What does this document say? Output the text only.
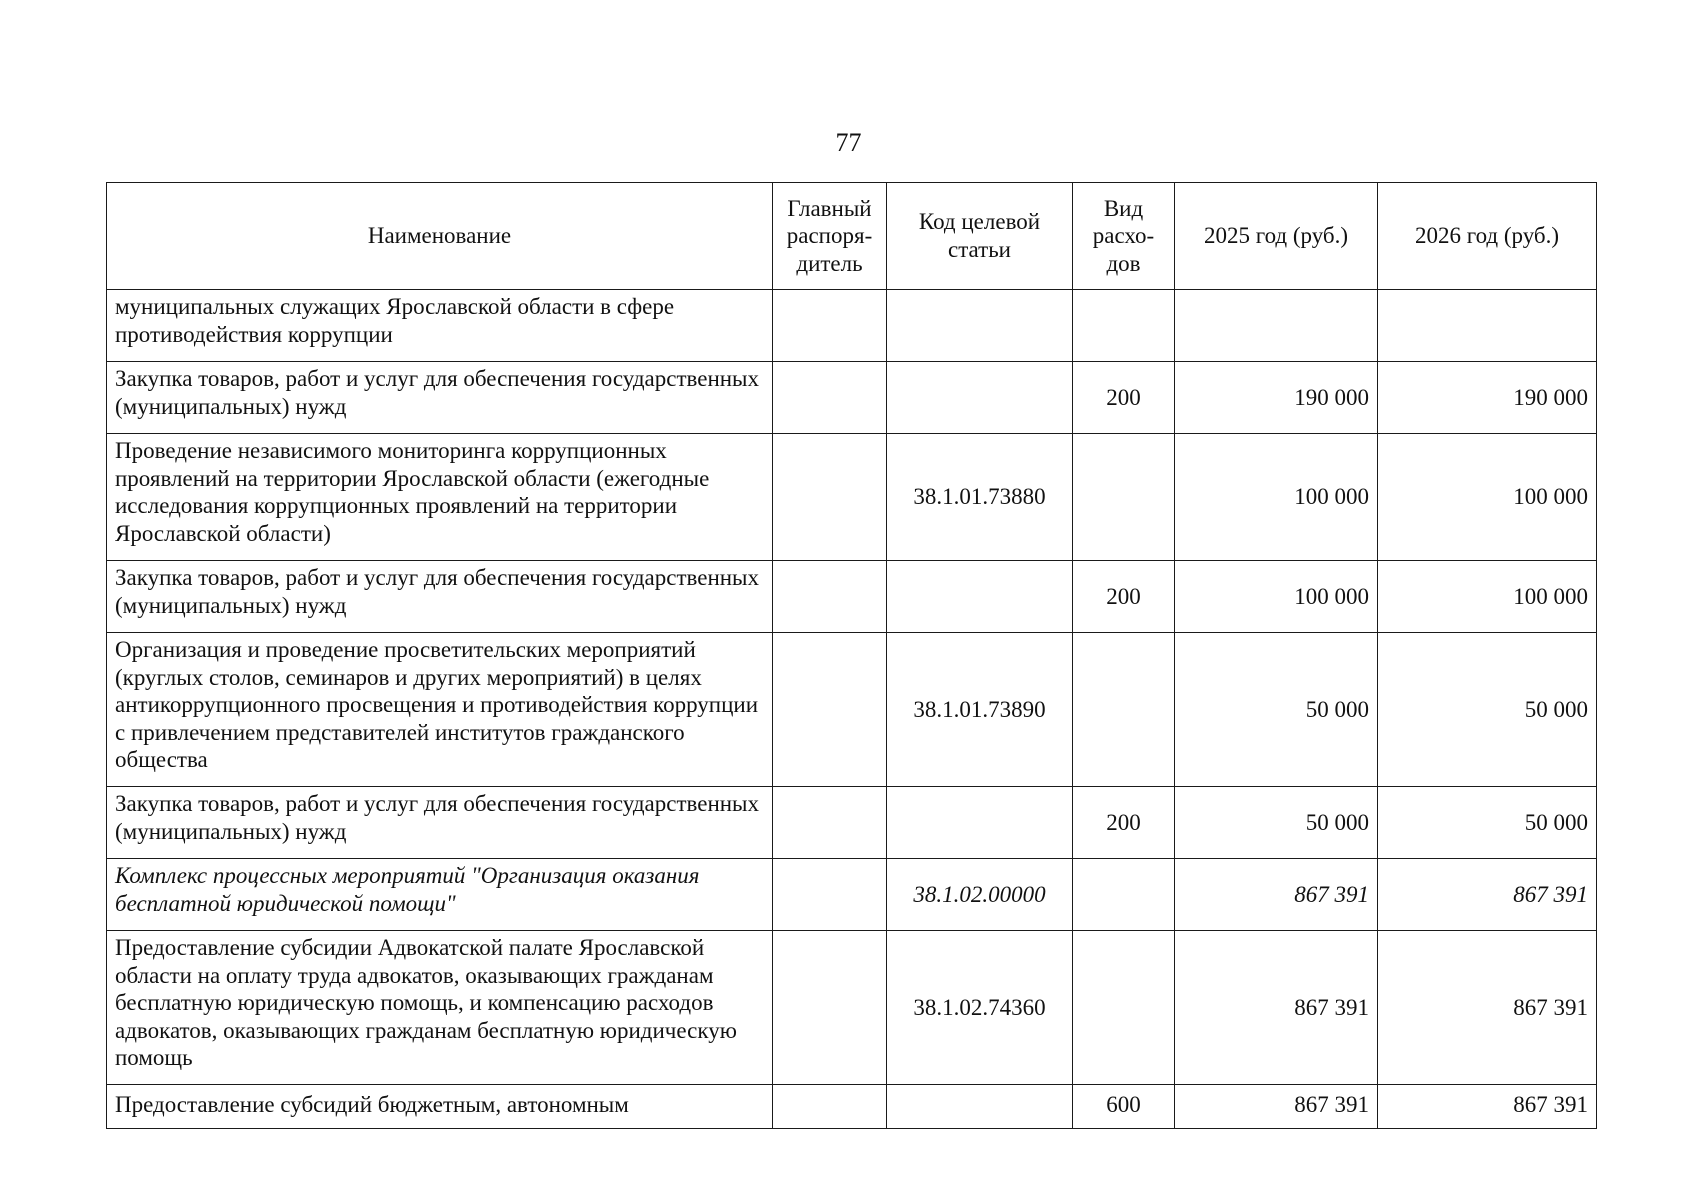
77
Наименование	Главный распоря-дитель	Код целевой статьи	Вид расхо-дов	2025 год (руб.)	2026 год (руб.)
муниципальных служащих Ярославской области в сфере противодействия коррупции					
Закупка товаров, работ и услуг для обеспечения государственных (муниципальных) нужд			200	190 000	190 000
Проведение независимого мониторинга коррупционных проявлений на территории Ярославской области (ежегодные исследования коррупционных проявлений на территории Ярославской области)		38.1.01.73880		100 000	100 000
Закупка товаров, работ и услуг для обеспечения государственных (муниципальных) нужд			200	100 000	100 000
Организация и проведение просветительских мероприятий (круглых столов, семинаров и других мероприятий) в целях антикоррупционного просвещения и противодействия коррупции с привлечением представителей институтов гражданского общества		38.1.01.73890		50 000	50 000
Закупка товаров, работ и услуг для обеспечения государственных (муниципальных) нужд			200	50 000	50 000
Комплекс процессных мероприятий "Организация оказания бесплатной юридической помощи"		38.1.02.00000		867 391	867 391
Предоставление субсидии Адвокатской палате Ярославской области на оплату труда адвокатов, оказывающих гражданам бесплатную юридическую помощь, и компенсацию расходов адвокатов, оказывающих гражданам бесплатную юридическую помощь		38.1.02.74360		867 391	867 391
Предоставление субсидий бюджетным, автономным			600	867 391	867 391
